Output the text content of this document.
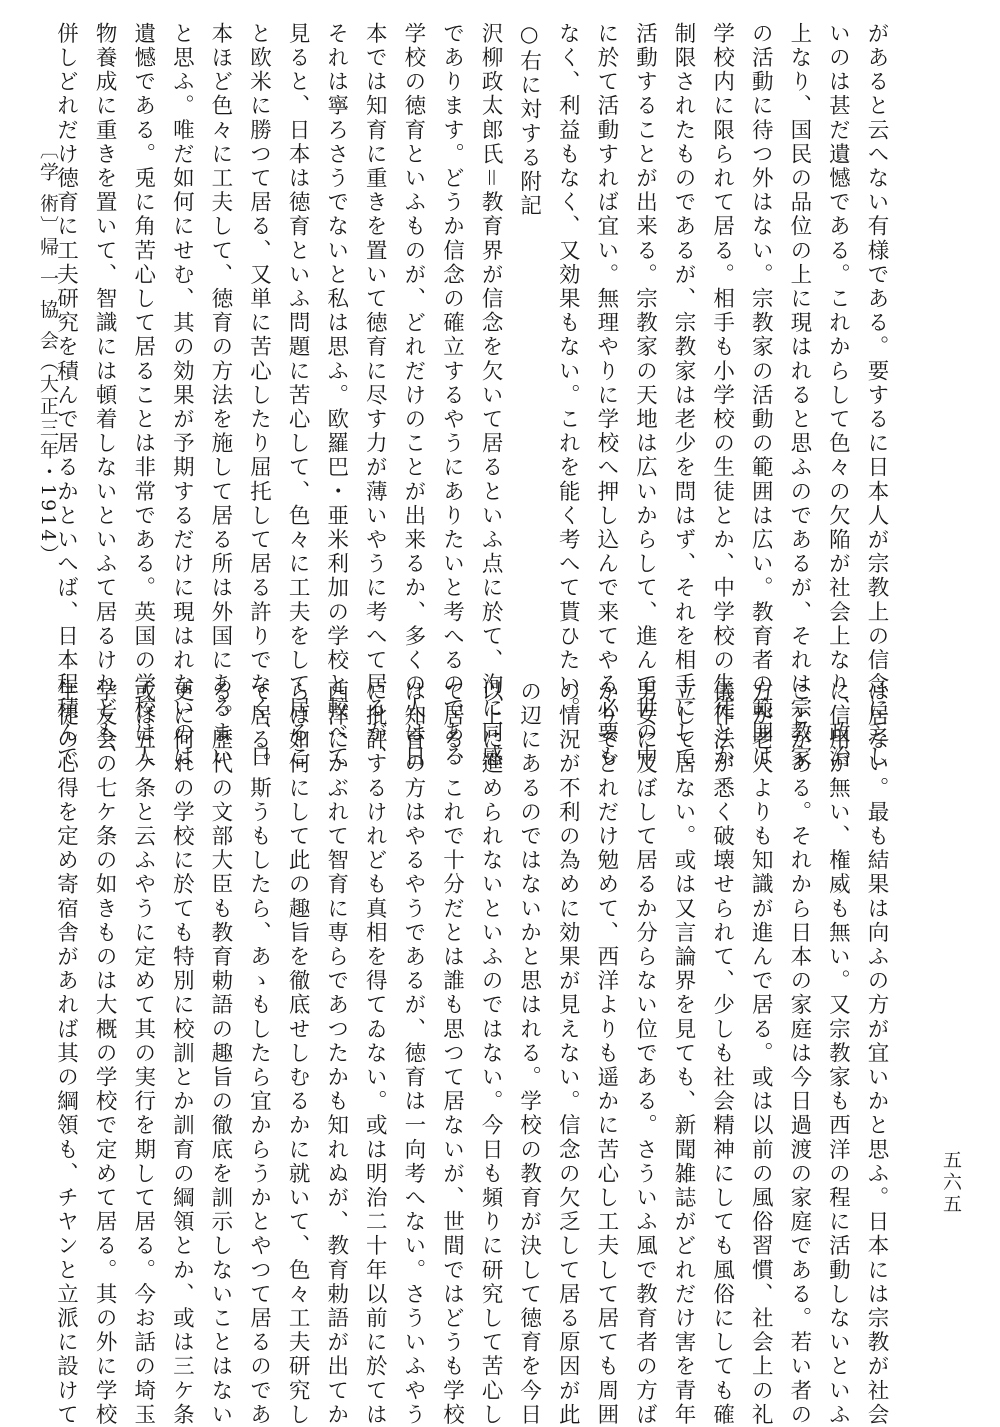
があると云へない有様である。要するに日本人が宗教上の信念に乏し
いのは甚だ遺憾である。これからして色々の欠陥が社会上なり、政治
上なり、国民の品位の上に現はれると思ふのであるが、それは宗教家
の活動に待つ外はない。宗教家の活動の範囲は広い。教育者の範囲は
学校内に限られて居る。相手も小学校の生徒とか、中学校の生徒とか
制限されたものであるが、宗教家は老少を問はず、それを相手にして
活動することが出来る。宗教家の天地は広いからして、進んで世の中
に於て活動すれば宜い。無理やりに学校へ押し込んで来てやる必要も
なく、利益もなく、又効果もない。これを能く考へて貰ひたい。
○右に対する附記
沢柳政太郎氏＝教育界が信念を欠いて居るといふ点に於て、洵に同感
であります。どうか信念の確立するやうにありたいと考へるのである
学校の徳育といふものが、どれだけのことが出来るか、多くの人は日
本では知育に重きを置いて徳育に尽す力が薄いやうに考へて居るが、
それは寧ろさうでないと私は思ふ。欧羅巴・亜米利加の学校と較べて
見ると、日本は徳育といふ問題に苦心して、色々に工夫をして居るこ
と欧米に勝つて居る、又単に苦心したり屈托して居る許りでなく、日
本ほど色々に工夫して、徳育の方法を施して居る所は外国にあるまい
と思ふ。唯だ如何にせむ、其の効果が予期するだけに現はれないのは
遺憾である。兎に角苦心して居ることは非常である。英国の学校は人
物養成に重きを置いて、智識には頓着しないといふて居るけれども、
併しどれだけ徳育に工夫研究を積んで居るかといへば、日本程積んで
は居ない。最も結果は向ふの方が宜いかと思ふ。日本には宗教が社会
に信用が無い、権威も無い。又宗教家も西洋の程に活動しないといふ
ことがある。それから日本の家庭は今日過渡の家庭である。若い者の
方が老人よりも知識が進んで居る。或は以前の風俗習慣、社会上の礼
儀作法が悉く破壊せられて、少しも社会精神にしても風俗にしても確
立して居ない。或は又言論界を見ても、新聞雑誌がどれだけ害を青年
男女に及ぼして居るか分らない位である。さういふ風で教育者の方ば
かりでどれだけ勉めて、西洋よりも遥かに苦心し工夫して居ても周囲
の情況が不利の為めに効果が見えない。信念の欠乏して居る原因が此
の辺にあるのではないかと思はれる。学校の教育が決して徳育を今日
以上に進められないといふのではない。今日も頻りに研究して苦心し
て居る、これで十分だとは誰も思つて居ないが、世間ではどうも学校
は知育の方はやるやうであるが、徳育は一向考へない。さういふやう
に批評するけれども真相を得てゐない。或は明治二十年以前に於ては
西洋にかぶれて智育に専らであつたかも知れぬが、教育勅語が出てか
らは如何にして此の趣旨を徹底せしむるかに就いて、色々工夫研究し
て居る。斯うもしたら、あゝもしたら宜からうかとやつて居るのであ
る。歴代の文部大臣も教育勅語の趣旨の徹底を訓示しないことはない
更に何れの学校に於ても特別に校訓とか訓育の綱領とか、或は三ケ条
或は五ケ条と云ふやうに定めて其の実行を期して居る。今お話の埼玉
学友会の七ケ条の如きものは大概の学校で定めて居る。其の外に学校
生徒の心得を定め寄宿舎があれば其の綱領も、チヤンと立派に設けて
〔学 術〕
帰 一 協 会
（大正三年・1914）
五六五
